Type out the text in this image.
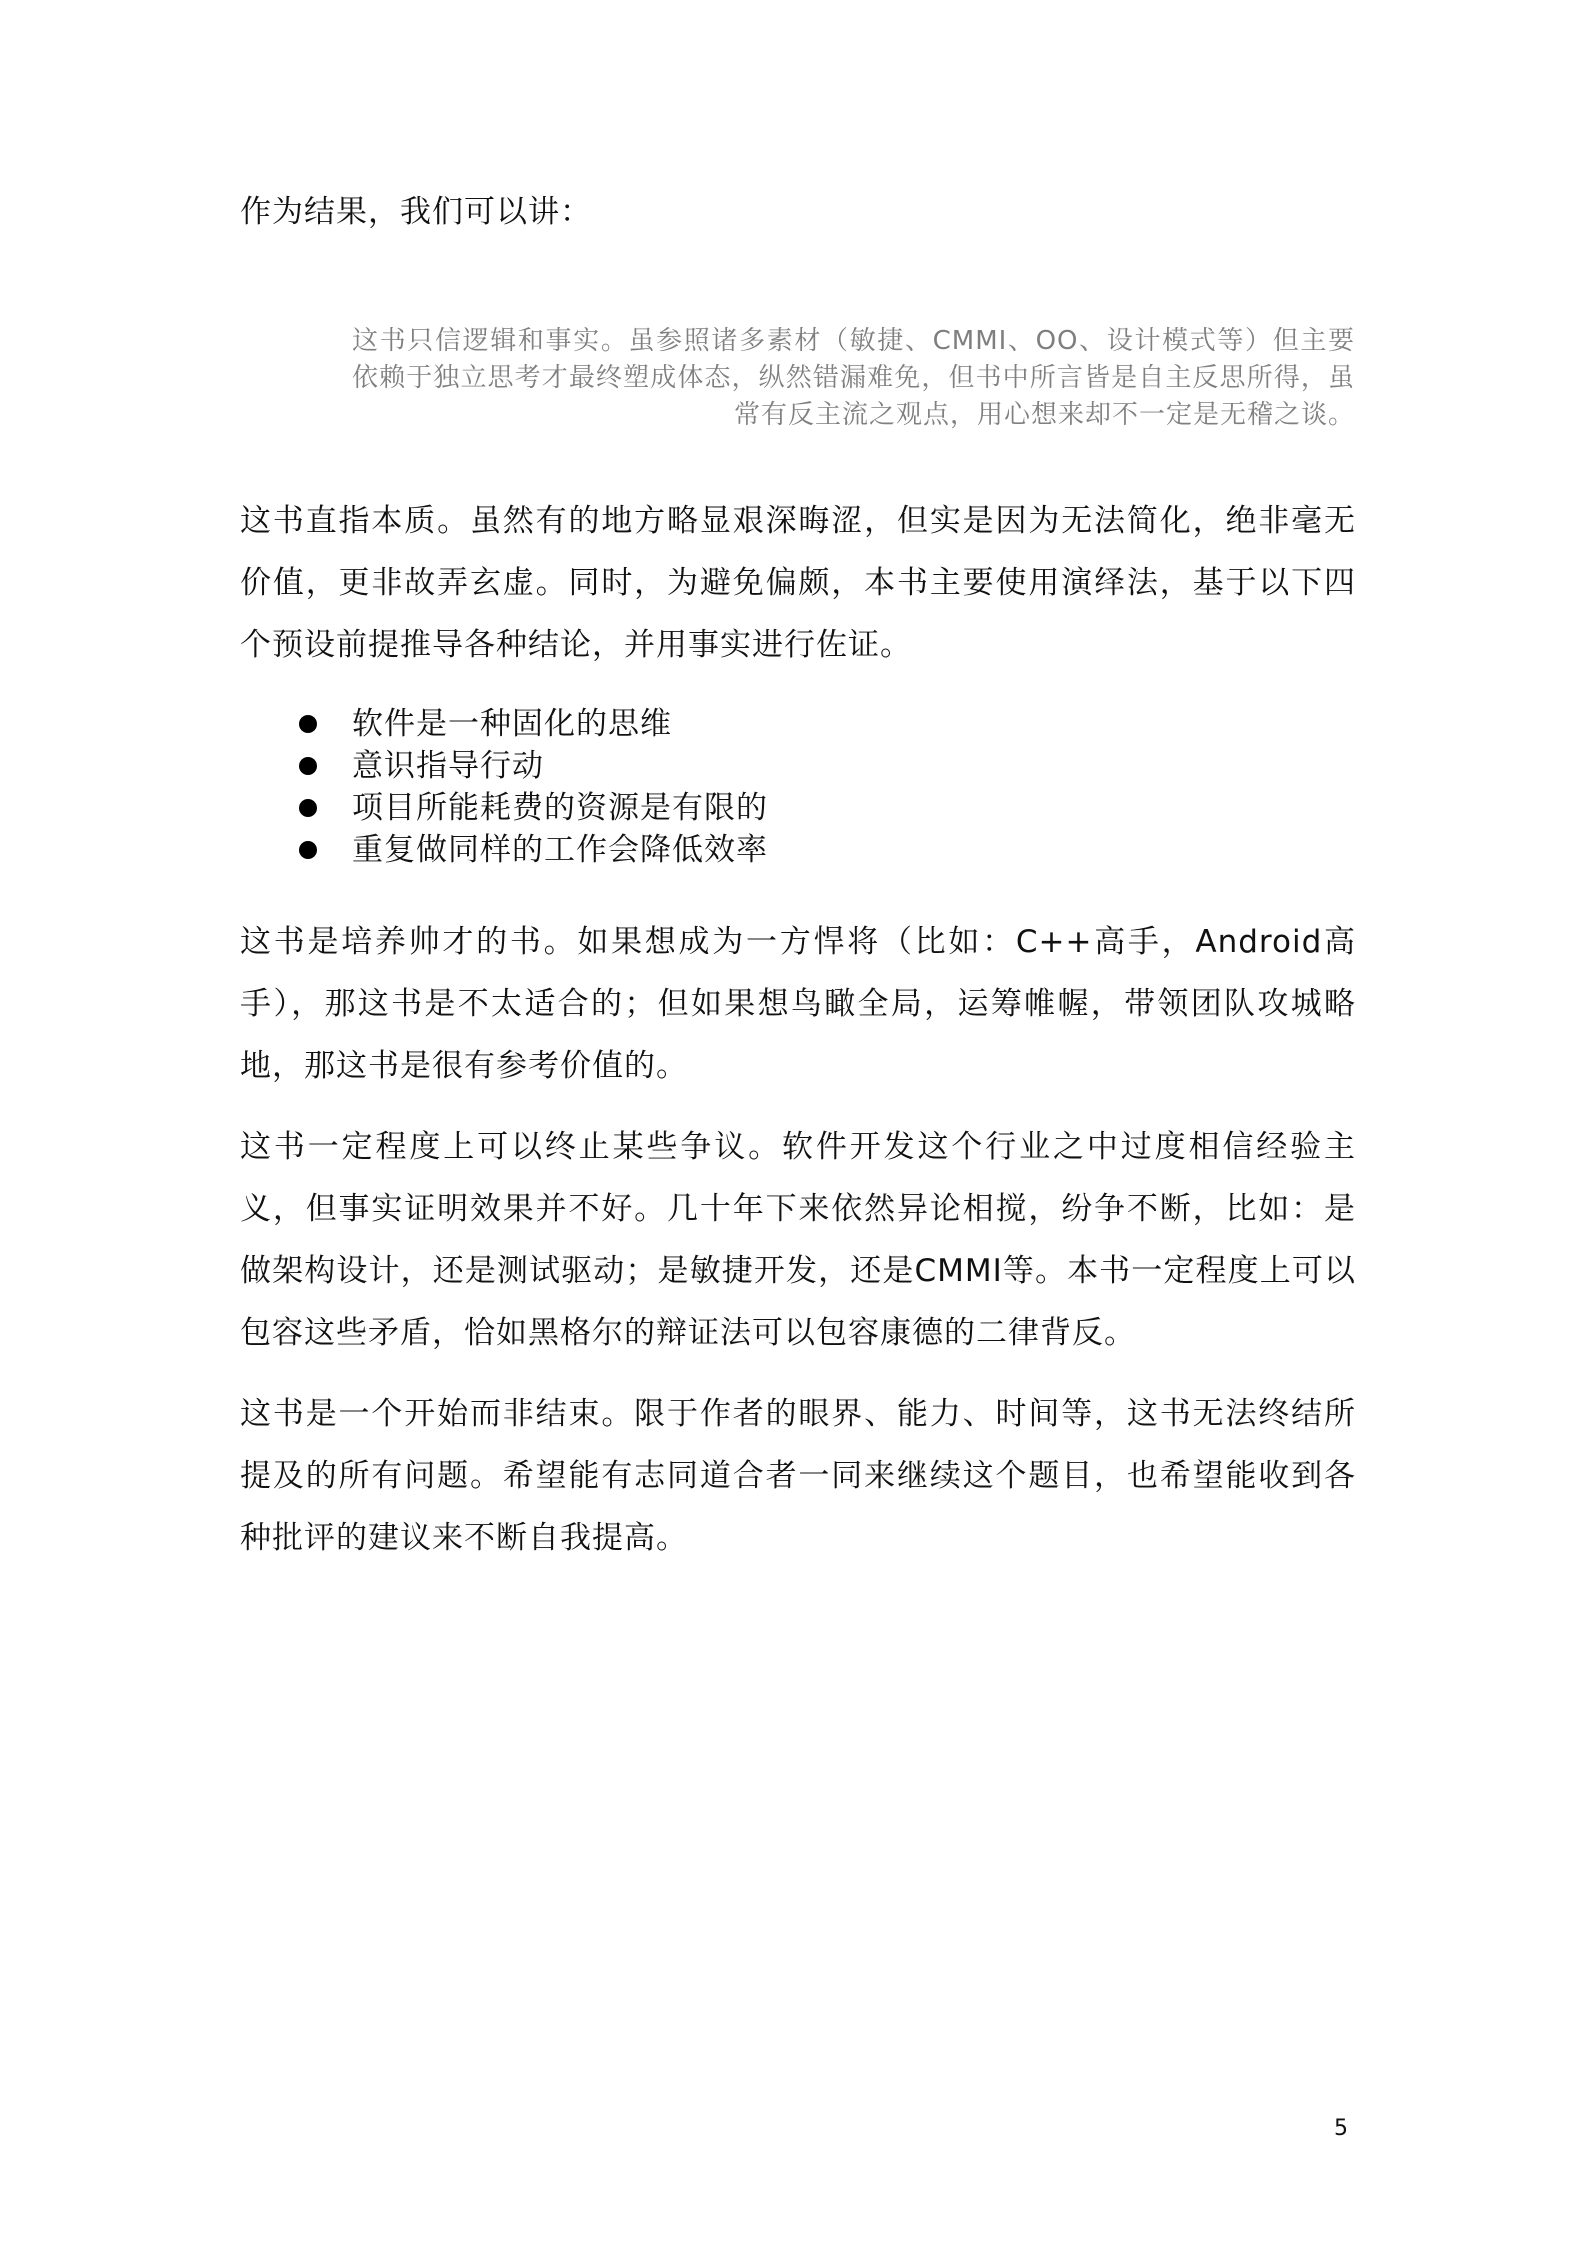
作为结果，我们可以讲：

这书只信逻辑和事实。虽参照诸多素材（敏捷、CMMI、OO、设计模式等）但主要依赖于独立思考才最终塑成体态，纵然错漏难免，但书中所言皆是自主反思所得，虽常有反主流之观点，用心想来却不一定是无稽之谈。

这书直指本质。虽然有的地方略显艰深晦涩，但实是因为无法简化，绝非毫无价值，更非故弄玄虚。同时，为避免偏颇，本书主要使用演绎法，基于以下四个预设前提推导各种结论，并用事实进行佐证。

软件是一种固化的思维
意识指导行动
项目所能耗费的资源是有限的
重复做同样的工作会降低效率

这书是培养帅才的书。如果想成为一方悍将（比如：C++高手，Android高手），那这书是不太适合的；但如果想鸟瞰全局，运筹帷幄，带领团队攻城略地，那这书是很有参考价值的。

这书一定程度上可以终止某些争议。软件开发这个行业之中过度相信经验主义，但事实证明效果并不好。几十年下来依然异论相搅，纷争不断，比如：是做架构设计，还是测试驱动；是敏捷开发，还是CMMI等。本书一定程度上可以包容这些矛盾，恰如黑格尔的辩证法可以包容康德的二律背反。

这书是一个开始而非结束。限于作者的眼界、能力、时间等，这书无法终结所提及的所有问题。希望能有志同道合者一同来继续这个题目，也希望能收到各种批评的建议来不断自我提高。

5
